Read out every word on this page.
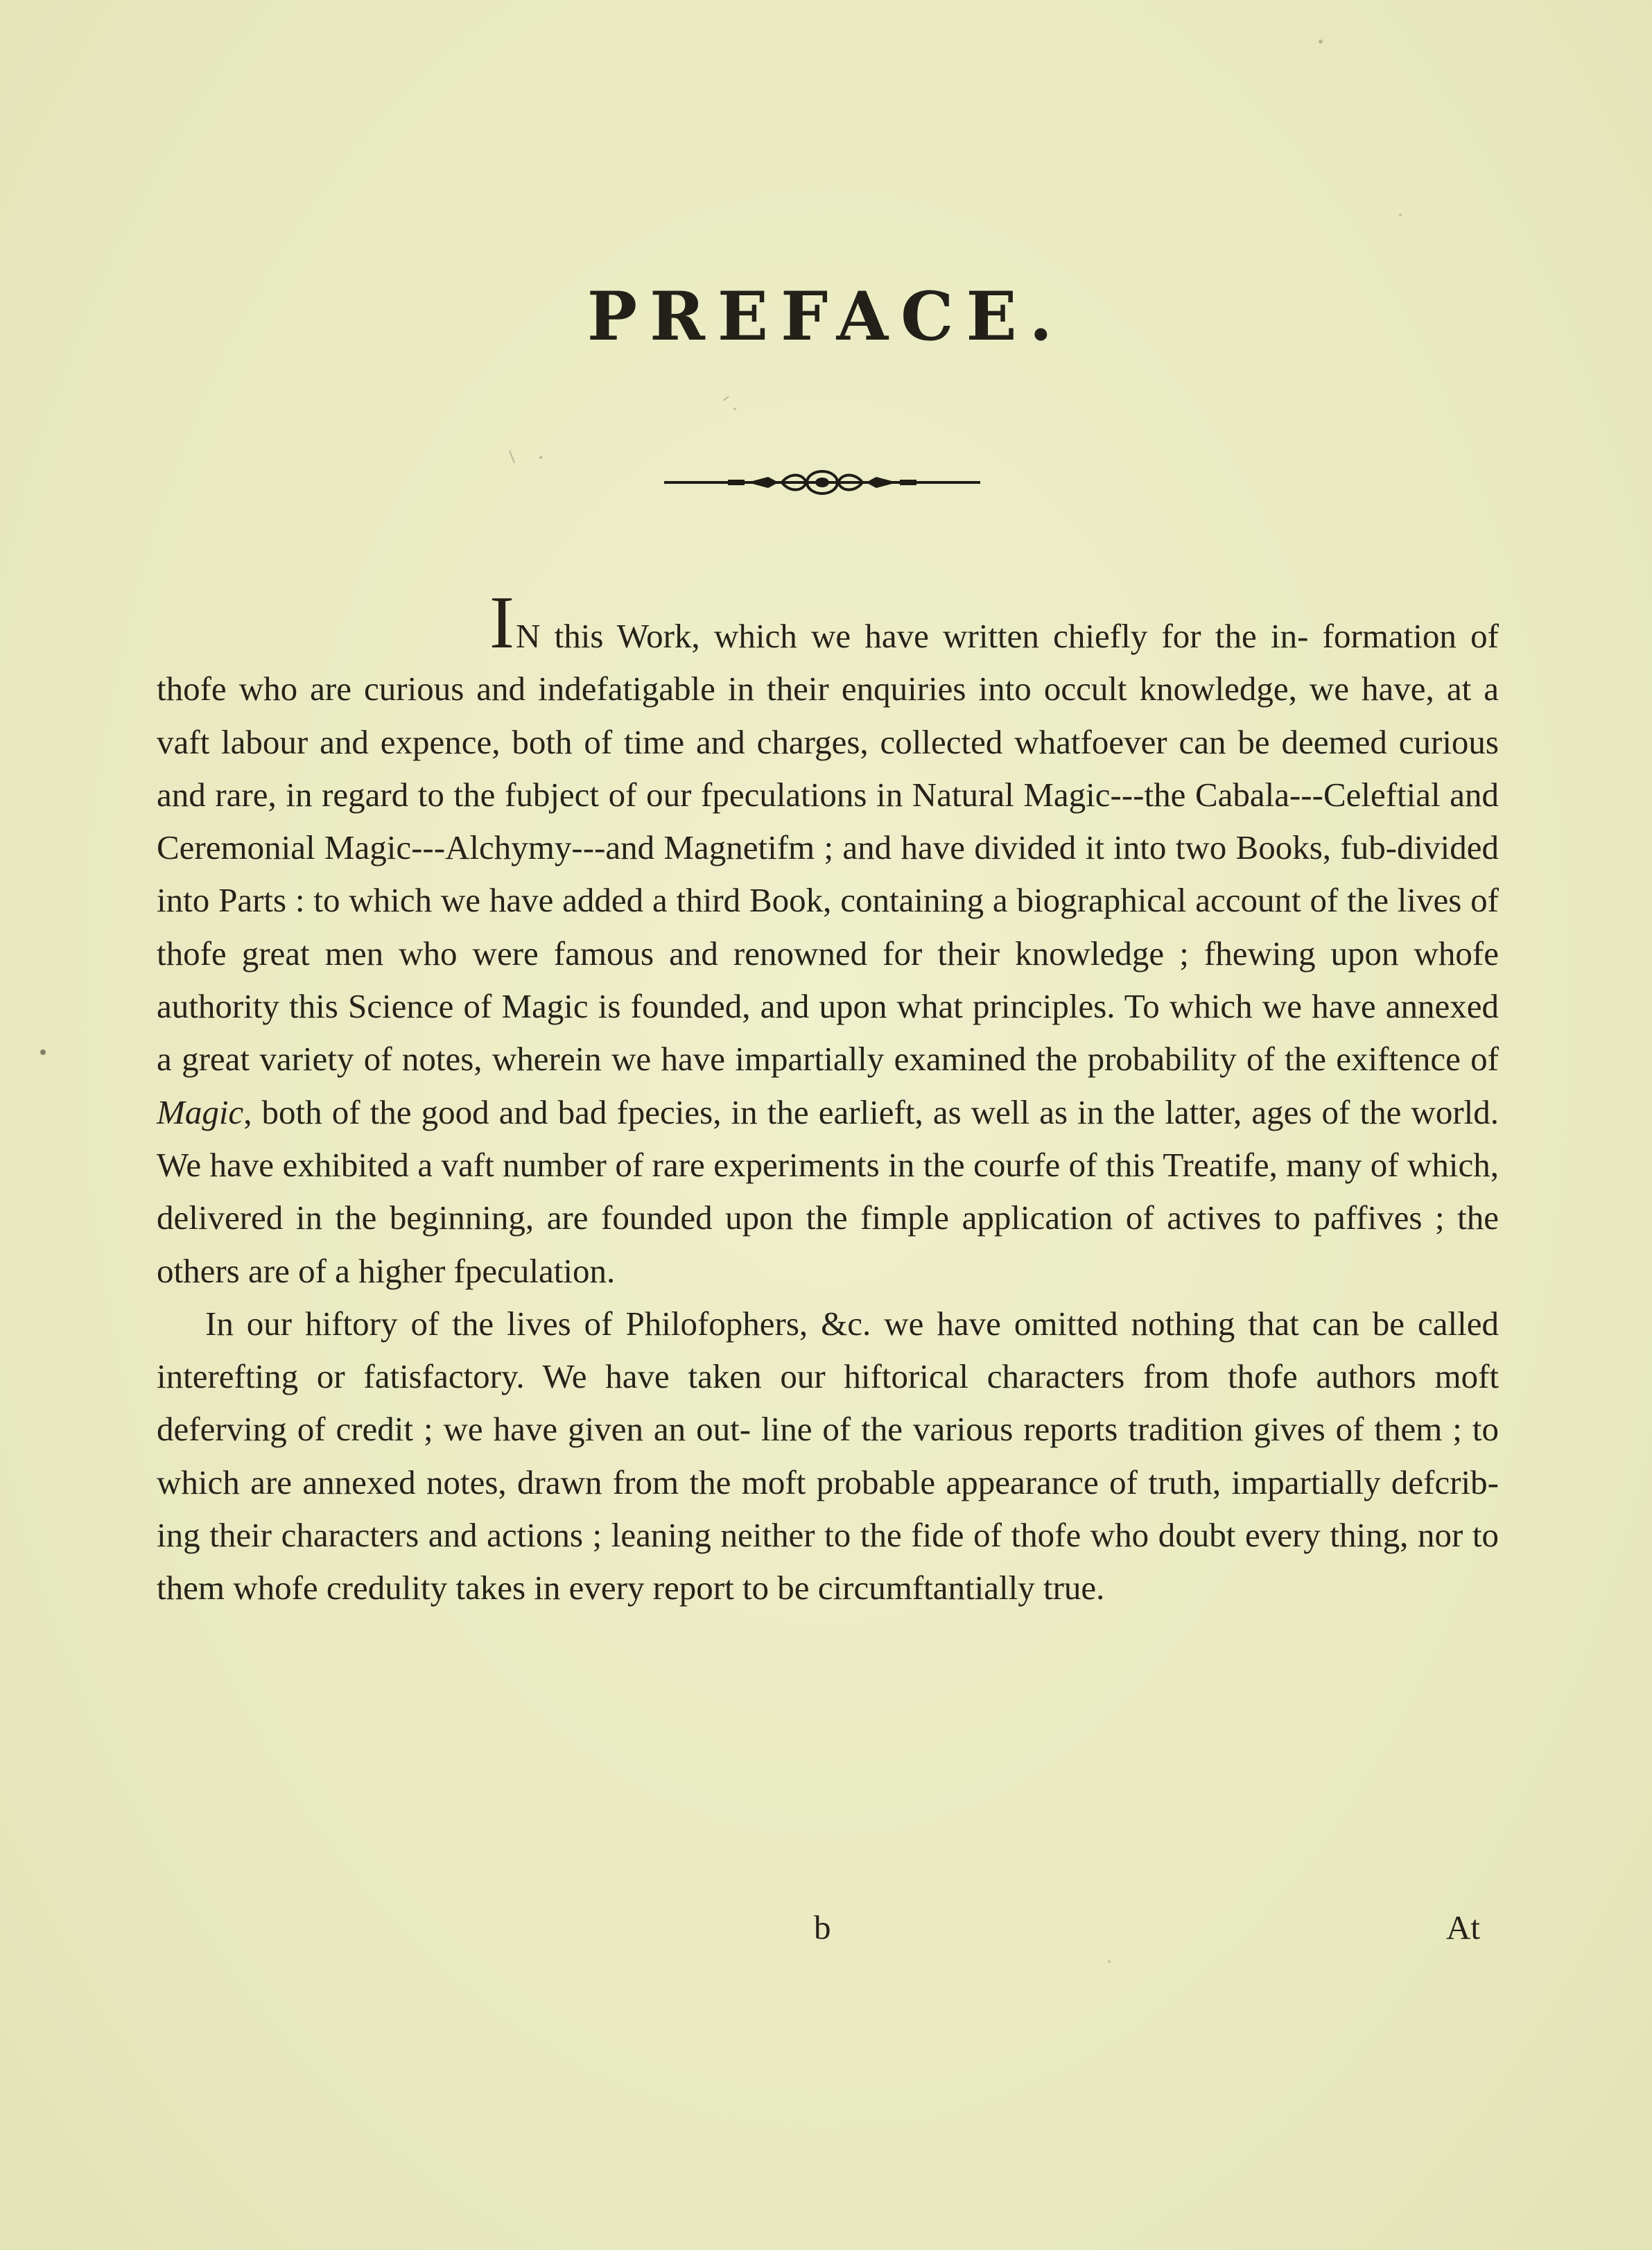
PREFACE.

IN this Work, which we have written chiefly for the in- formation of thofe who are curious and indefatigable in their enquiries into occult knowledge, we have, at a vaft labour and expence, both of time and charges, collected whatfoever can be deemed curious and rare, in regard to the fubject of our fpeculations in Natural Magic---the Cabala---Celeftial and Ceremonial Magic---Alchymy---and Magnetifm ; and have divided it into two Books, fub-divided into Parts : to which we have added a third Book, containing a biographical account of the lives of thofe great men who were famous and renowned for their knowledge ; fhewing upon whofe authority this Science of Magic is founded, and upon what principles. To which we have annexed a great variety of notes, wherein we have impartially examined the probability of the exiftence of Magic, both of the good and bad fpecies, in the earlieft, as well as in the latter, ages of the world. We have exhibited a vaft number of rare experiments in the courfe of this Treatife, many of which, delivered in the beginning, are founded upon the fimple application of actives to paffives ; the others are of a higher fpeculation.

In our hiftory of the lives of Philofophers, &c. we have omitted nothing that can be called interefting or fatisfactory. We have taken our hiftorical characters from thofe authors moft deferving of credit ; we have given an out- line of the various reports tradition gives of them ; to which are annexed notes, drawn from the moft probable appearance of truth, impartially defcrib- ing their characters and actions ; leaning neither to the fide of thofe who doubt every thing, nor to them whofe credulity takes in every report to be circumftantially true.

b	At
